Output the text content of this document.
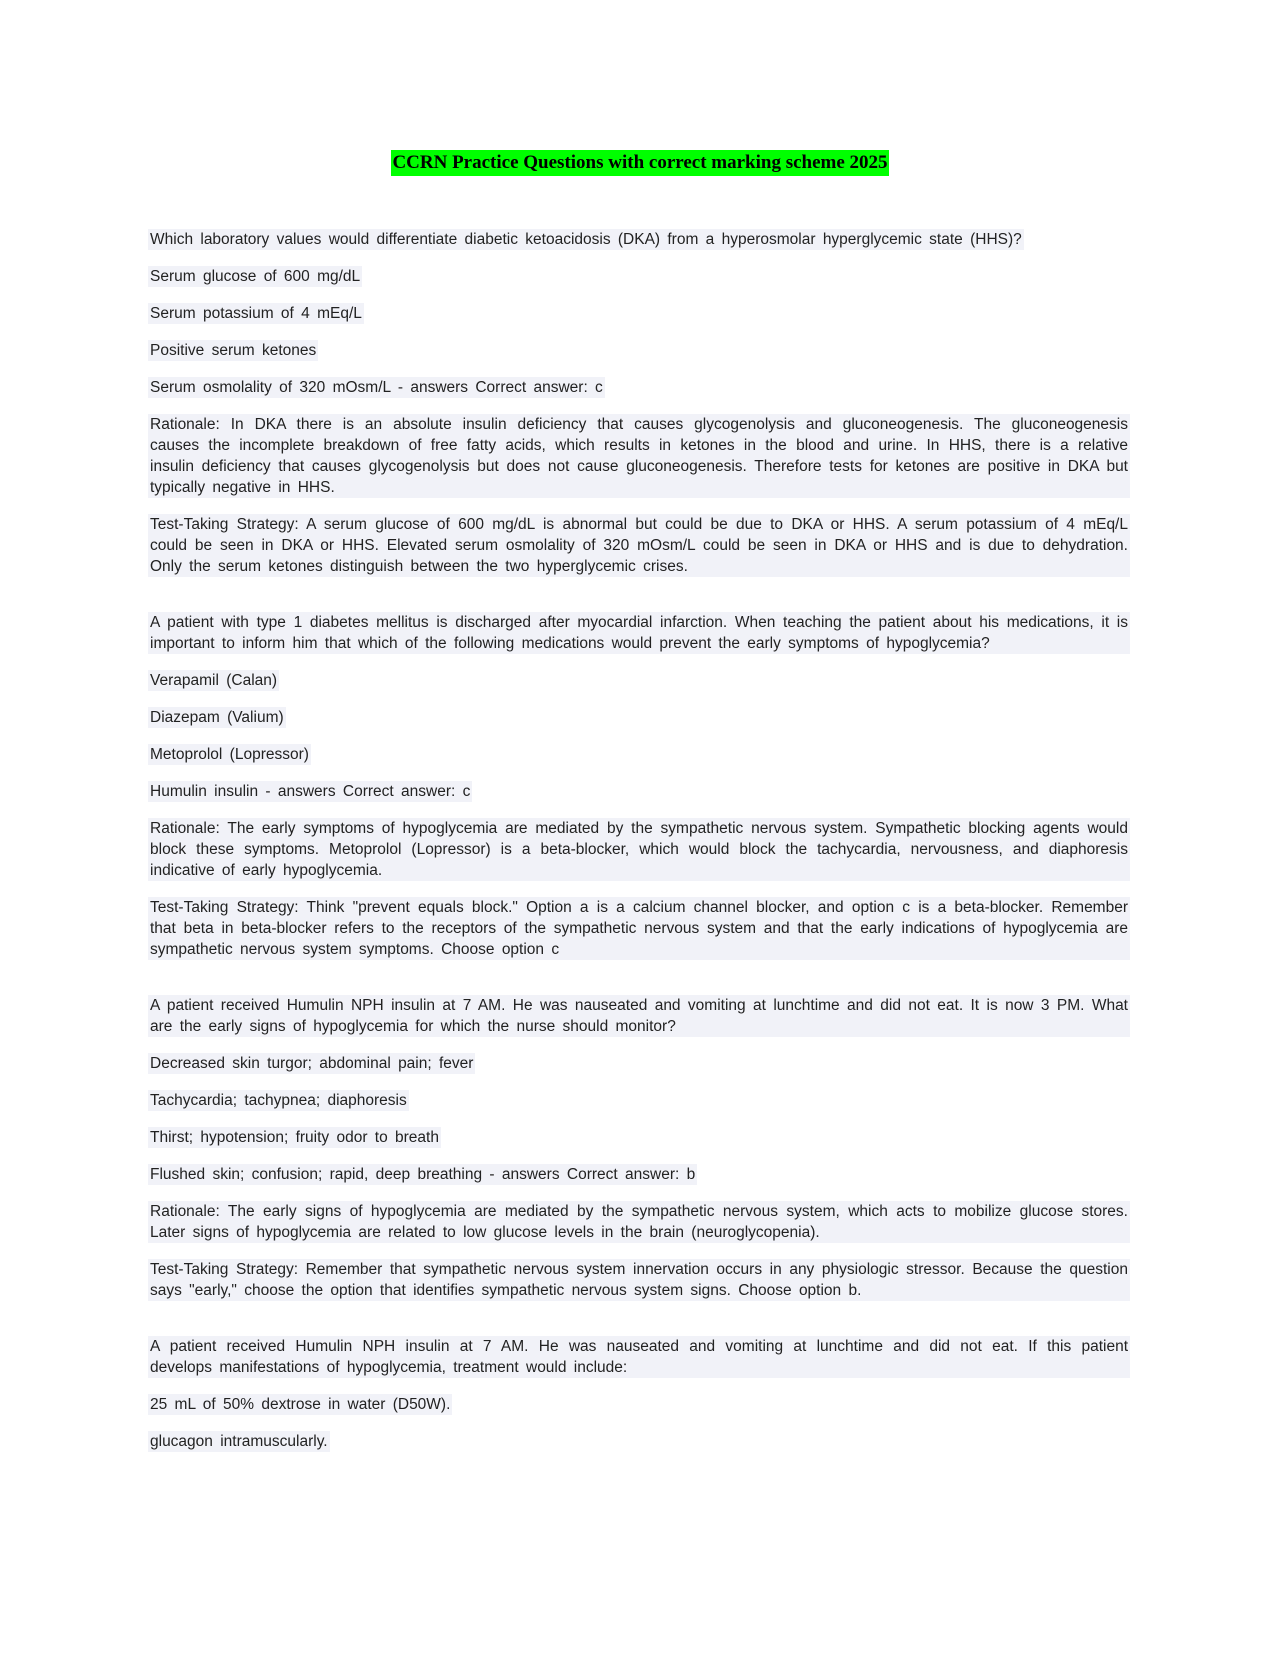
CCRN Practice Questions with correct marking scheme 2025
Which laboratory values would differentiate diabetic ketoacidosis (DKA) from a hyperosmolar hyperglycemic state (HHS)?
Serum glucose of 600 mg/dL
Serum potassium of 4 mEq/L
Positive serum ketones
Serum osmolality of 320 mOsm/L - answers Correct answer: c
Rationale: In DKA there is an absolute insulin deficiency that causes glycogenolysis and gluconeogenesis. The gluconeogenesis causes the incomplete breakdown of free fatty acids, which results in ketones in the blood and urine. In HHS, there is a relative insulin deficiency that causes glycogenolysis but does not cause gluconeogenesis. Therefore tests for ketones are positive in DKA but typically negative in HHS.
Test-Taking Strategy: A serum glucose of 600 mg/dL is abnormal but could be due to DKA or HHS. A serum potassium of 4 mEq/L could be seen in DKA or HHS. Elevated serum osmolality of 320 mOsm/L could be seen in DKA or HHS and is due to dehydration. Only the serum ketones distinguish between the two hyperglycemic crises.
A patient with type 1 diabetes mellitus is discharged after myocardial infarction. When teaching the patient about his medications, it is important to inform him that which of the following medications would prevent the early symptoms of hypoglycemia?
Verapamil (Calan)
Diazepam (Valium)
Metoprolol (Lopressor)
Humulin insulin - answers Correct answer: c
Rationale: The early symptoms of hypoglycemia are mediated by the sympathetic nervous system. Sympathetic blocking agents would block these symptoms. Metoprolol (Lopressor) is a beta-blocker, which would block the tachycardia, nervousness, and diaphoresis indicative of early hypoglycemia.
Test-Taking Strategy: Think "prevent equals block." Option a is a calcium channel blocker, and option c is a beta-blocker. Remember that beta in beta-blocker refers to the receptors of the sympathetic nervous system and that the early indications of hypoglycemia are sympathetic nervous system symptoms. Choose option c
A patient received Humulin NPH insulin at 7 AM. He was nauseated and vomiting at lunchtime and did not eat. It is now 3 PM. What are the early signs of hypoglycemia for which the nurse should monitor?
Decreased skin turgor; abdominal pain; fever
Tachycardia; tachypnea; diaphoresis
Thirst; hypotension; fruity odor to breath
Flushed skin; confusion; rapid, deep breathing - answers Correct answer: b
Rationale: The early signs of hypoglycemia are mediated by the sympathetic nervous system, which acts to mobilize glucose stores. Later signs of hypoglycemia are related to low glucose levels in the brain (neuroglycopenia).
Test-Taking Strategy: Remember that sympathetic nervous system innervation occurs in any physiologic stressor. Because the question says "early," choose the option that identifies sympathetic nervous system signs. Choose option b.
A patient received Humulin NPH insulin at 7 AM. He was nauseated and vomiting at lunchtime and did not eat. If this patient develops manifestations of hypoglycemia, treatment would include:
25 mL of 50% dextrose in water (D50W).
glucagon intramuscularly.
